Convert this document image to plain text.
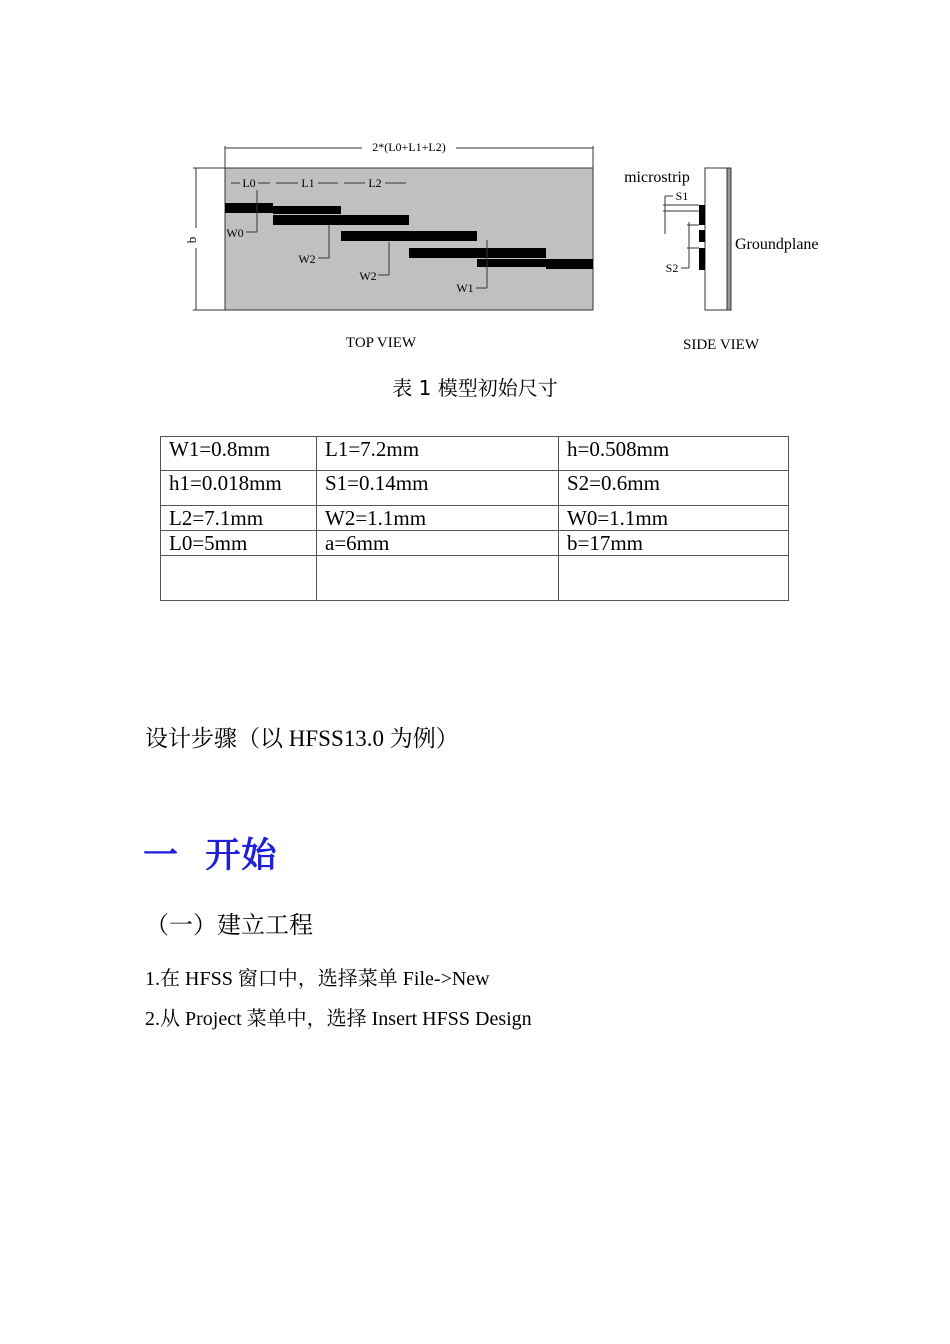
2*(L0+L1+L2)
L0	L1	L2
b W0
W2
W2
W1
TOP VIEW
microstrip
S1
S2
Groundplane
SIDE VIEW
表 1 模型初始尺寸
W1=0.8mm	L1=7.2mm	h=0.508mm
h1=0.018mm	S1=0.14mm	S2=0.6mm
L2=7.1mm	W2=1.1mm	W0=1.1mm
L0=5mm	a=6mm	b=17mm

设计步骤（以 HFSS13.0 为例）
一  开始
（一）建立工程
1.在 HFSS 窗口中，选择菜单 File->New
2.从 Project 菜单中，选择 Insert HFSS Design
